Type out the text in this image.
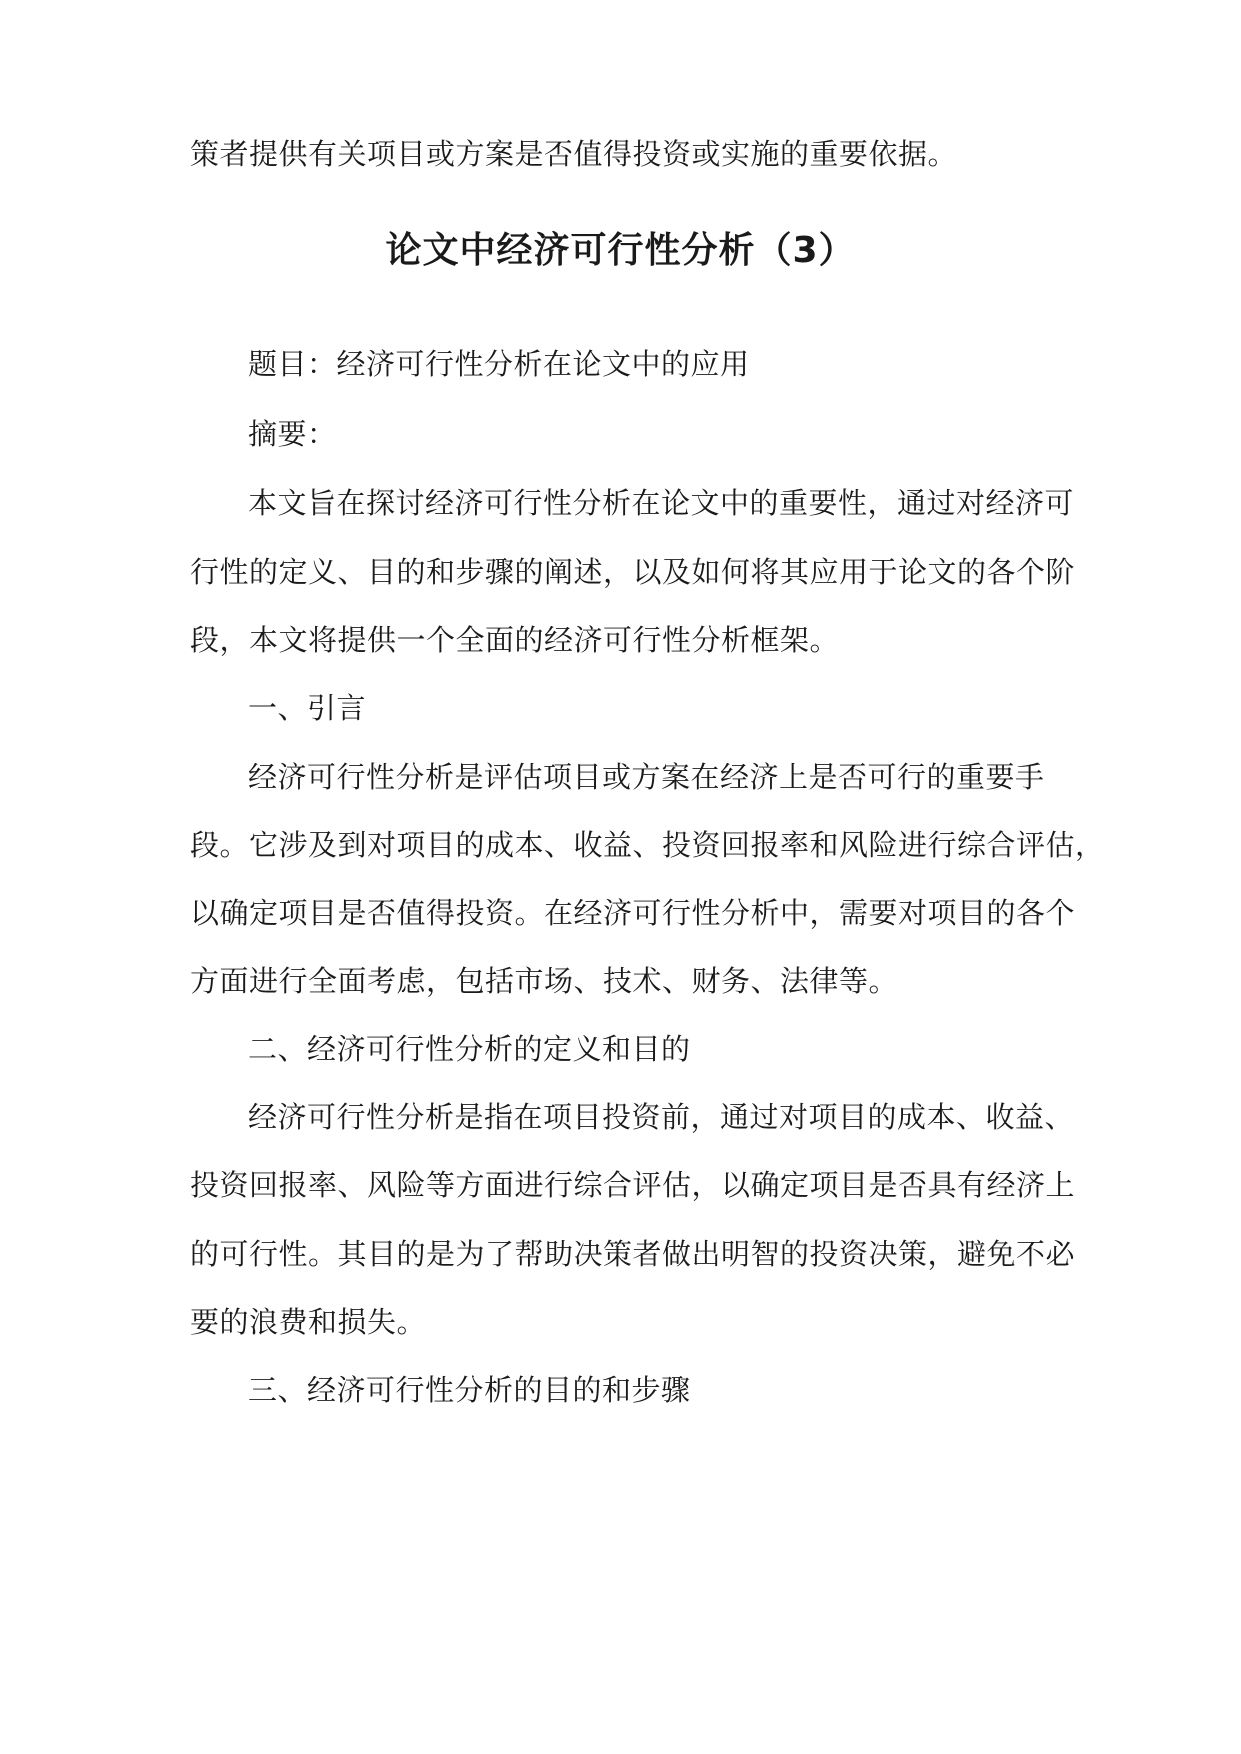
策者提供有关项目或方案是否值得投资或实施的重要依据。
论文中经济可行性分析（3）
题目：经济可行性分析在论文中的应用
摘要：
本文旨在探讨经济可行性分析在论文中的重要性，通过对经济可
行性的定义、目的和步骤的阐述，以及如何将其应用于论文的各个阶
段，本文将提供一个全面的经济可行性分析框架。
一、引言
经济可行性分析是评估项目或方案在经济上是否可行的重要手
段。它涉及到对项目的成本、收益、投资回报率和风险进行综合评估，
以确定项目是否值得投资。在经济可行性分析中，需要对项目的各个
方面进行全面考虑，包括市场、技术、财务、法律等。
二、经济可行性分析的定义和目的
经济可行性分析是指在项目投资前，通过对项目的成本、收益、
投资回报率、风险等方面进行综合评估，以确定项目是否具有经济上
的可行性。其目的是为了帮助决策者做出明智的投资决策，避免不必
要的浪费和损失。
三、经济可行性分析的目的和步骤
